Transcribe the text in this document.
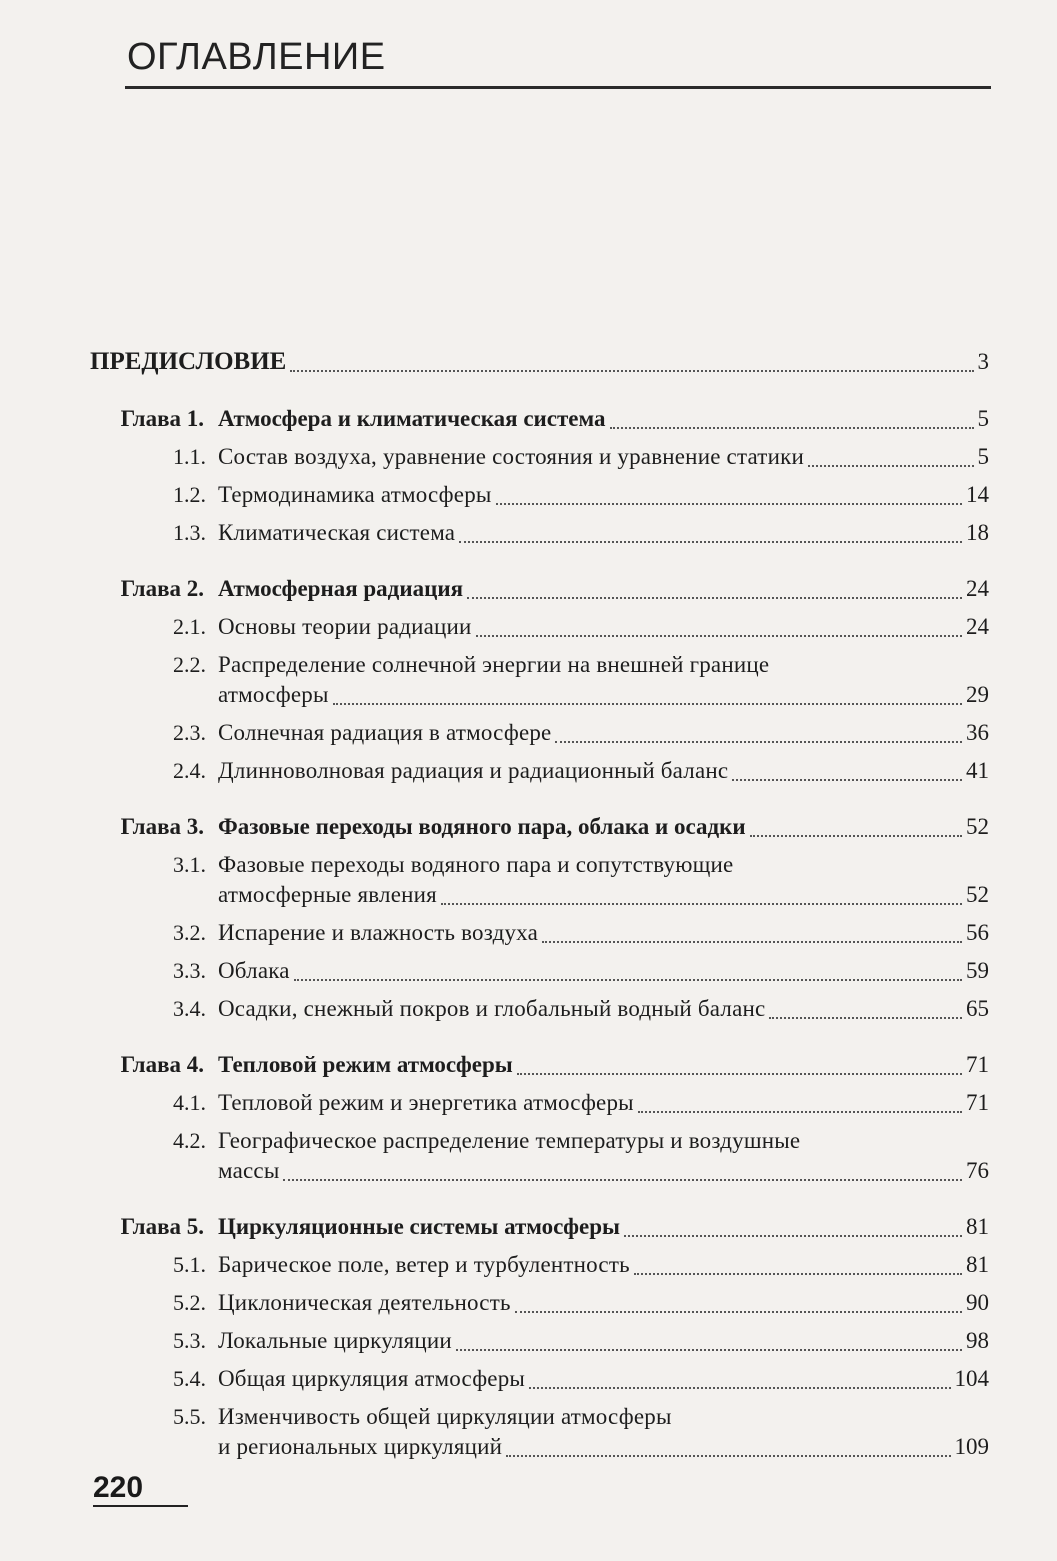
ОГЛАВЛЕНИЕ
ПРЕДИСЛОВИЕ	3
Глава 1. Атмосфера и климатическая система	5
1.1. Состав воздуха, уравнение состояния и уравнение статики	5
1.2. Термодинамика атмосферы	14
1.3. Климатическая система	18
Глава 2. Атмосферная радиация	24
2.1. Основы теории радиации	24
2.2. Распределение солнечной энергии на внешней границе
атмосферы	29
2.3. Солнечная радиация в атмосфере	36
2.4. Длинноволновая радиация и радиационный баланс	41
Глава 3. Фазовые переходы водяного пара, облака и осадки	52
3.1. Фазовые переходы водяного пара и сопутствующие
атмосферные явления	52
3.2. Испарение и влажность воздуха	56
3.3. Облака	59
3.4. Осадки, снежный покров и глобальный водный баланс	65
Глава 4. Тепловой режим атмосферы	71
4.1. Тепловой режим и энергетика атмосферы	71
4.2. Географическое распределение температуры и воздушные
массы	76
Глава 5. Циркуляционные системы атмосферы	81
5.1. Барическое поле, ветер и турбулентность	81
5.2. Циклоническая деятельность	90
5.3. Локальные циркуляции	98
5.4. Общая циркуляция атмосферы	104
5.5. Изменчивость общей циркуляции атмосферы
и региональных циркуляций	109
220
